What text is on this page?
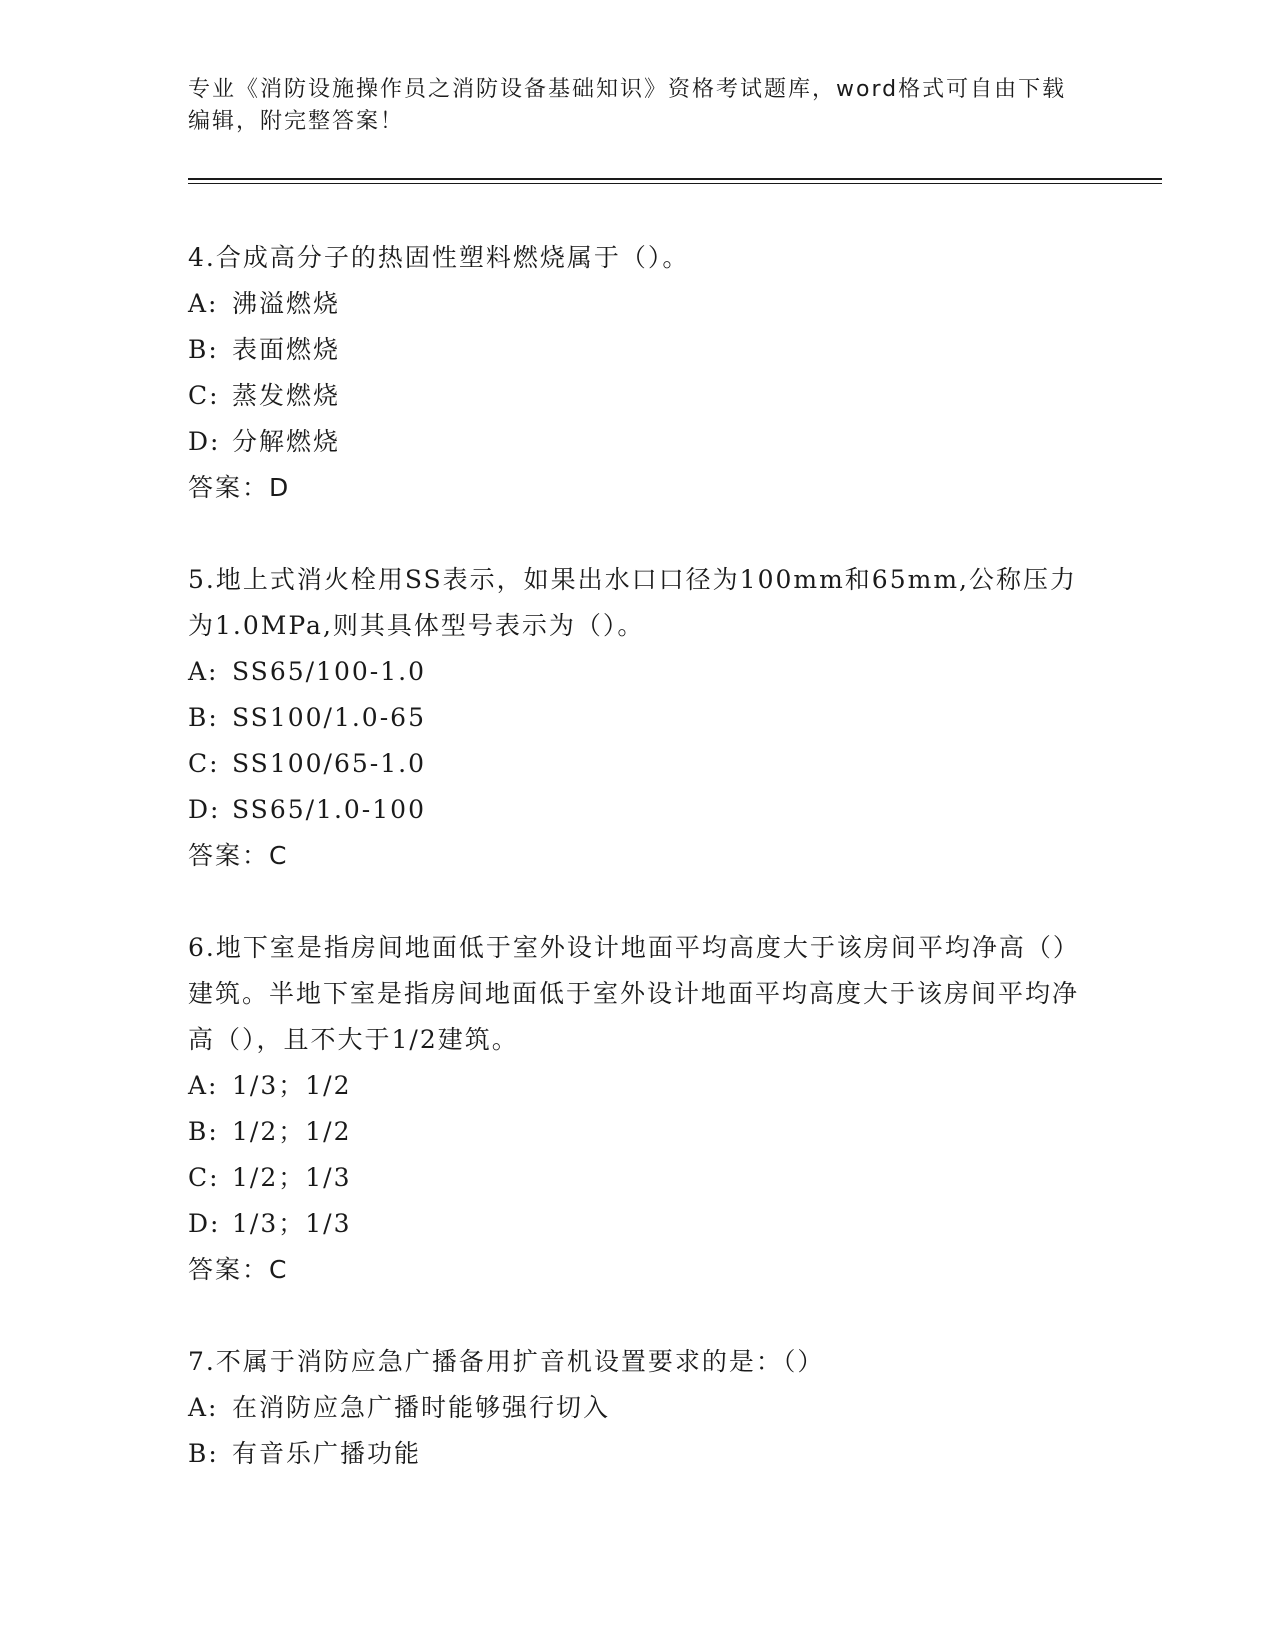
专业《消防设施操作员之消防设备基础知识》资格考试题库，word格式可自由下载编辑，附完整答案！

4.合成高分子的热固性塑料燃烧属于（）。

A: 沸溢燃烧

B: 表面燃烧

C: 蒸发燃烧

D: 分解燃烧

答案：D

5.地上式消火栓用SS表示，如果出水口口径为100mm和65mm,公称压力为1.0MPa,则其具体型号表示为（）。

A: SS65/100-1.0

B: SS100/1.0-65

C: SS100/65-1.0

D: SS65/1.0-100

答案：C

6.地下室是指房间地面低于室外设计地面平均高度大于该房间平均净高（）建筑。半地下室是指房间地面低于室外设计地面平均高度大于该房间平均净高（），且不大于1/2建筑。

A: 1/3；1/2

B: 1/2；1/2

C: 1/2；1/3

D: 1/3；1/3

答案：C

7.不属于消防应急广播备用扩音机设置要求的是：（）

A: 在消防应急广播时能够强行切入

B: 有音乐广播功能
